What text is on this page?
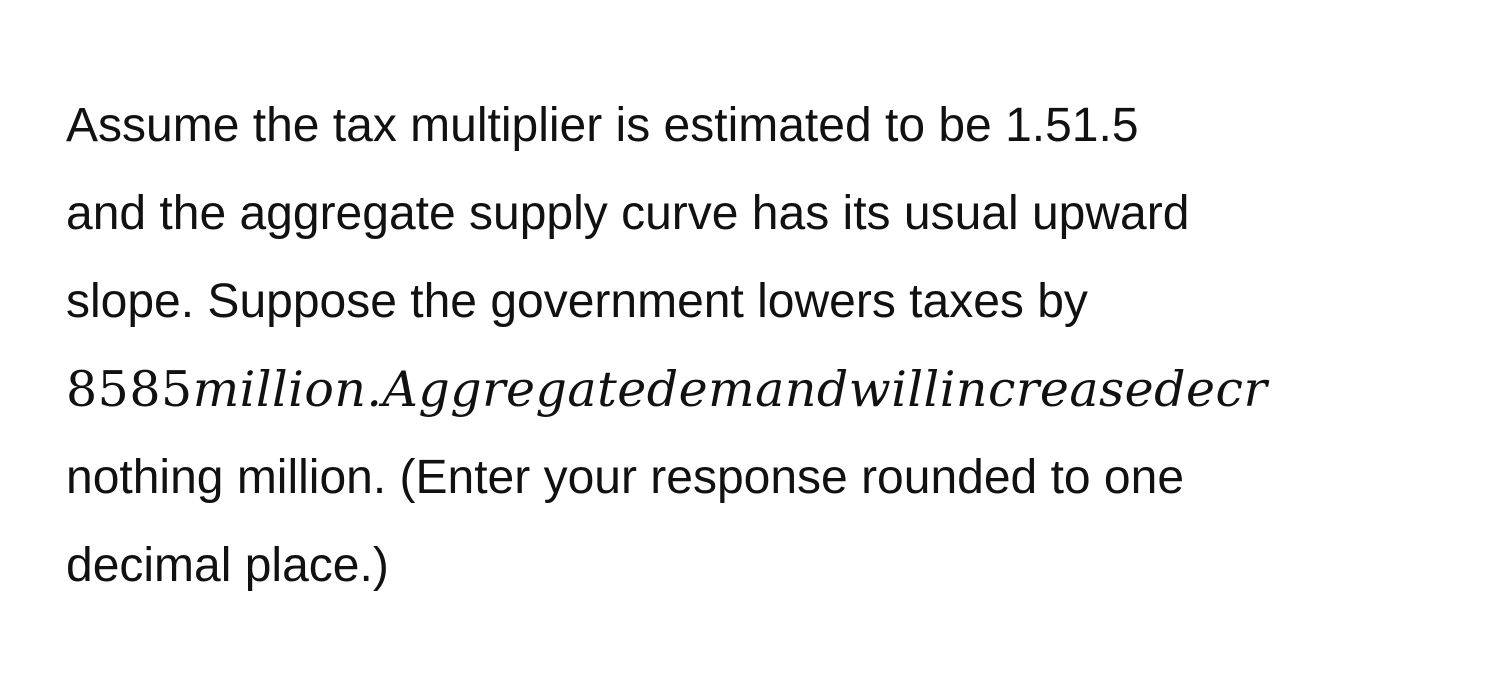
Assume the tax multiplier is estimated to be 1.51.5
and the aggregate supply curve has its usual upward
slope. Suppose the government lowers taxes by
8585million.Aggregatedemandwillincreasedecr
nothing million. (Enter your response rounded to one
decimal place.)
